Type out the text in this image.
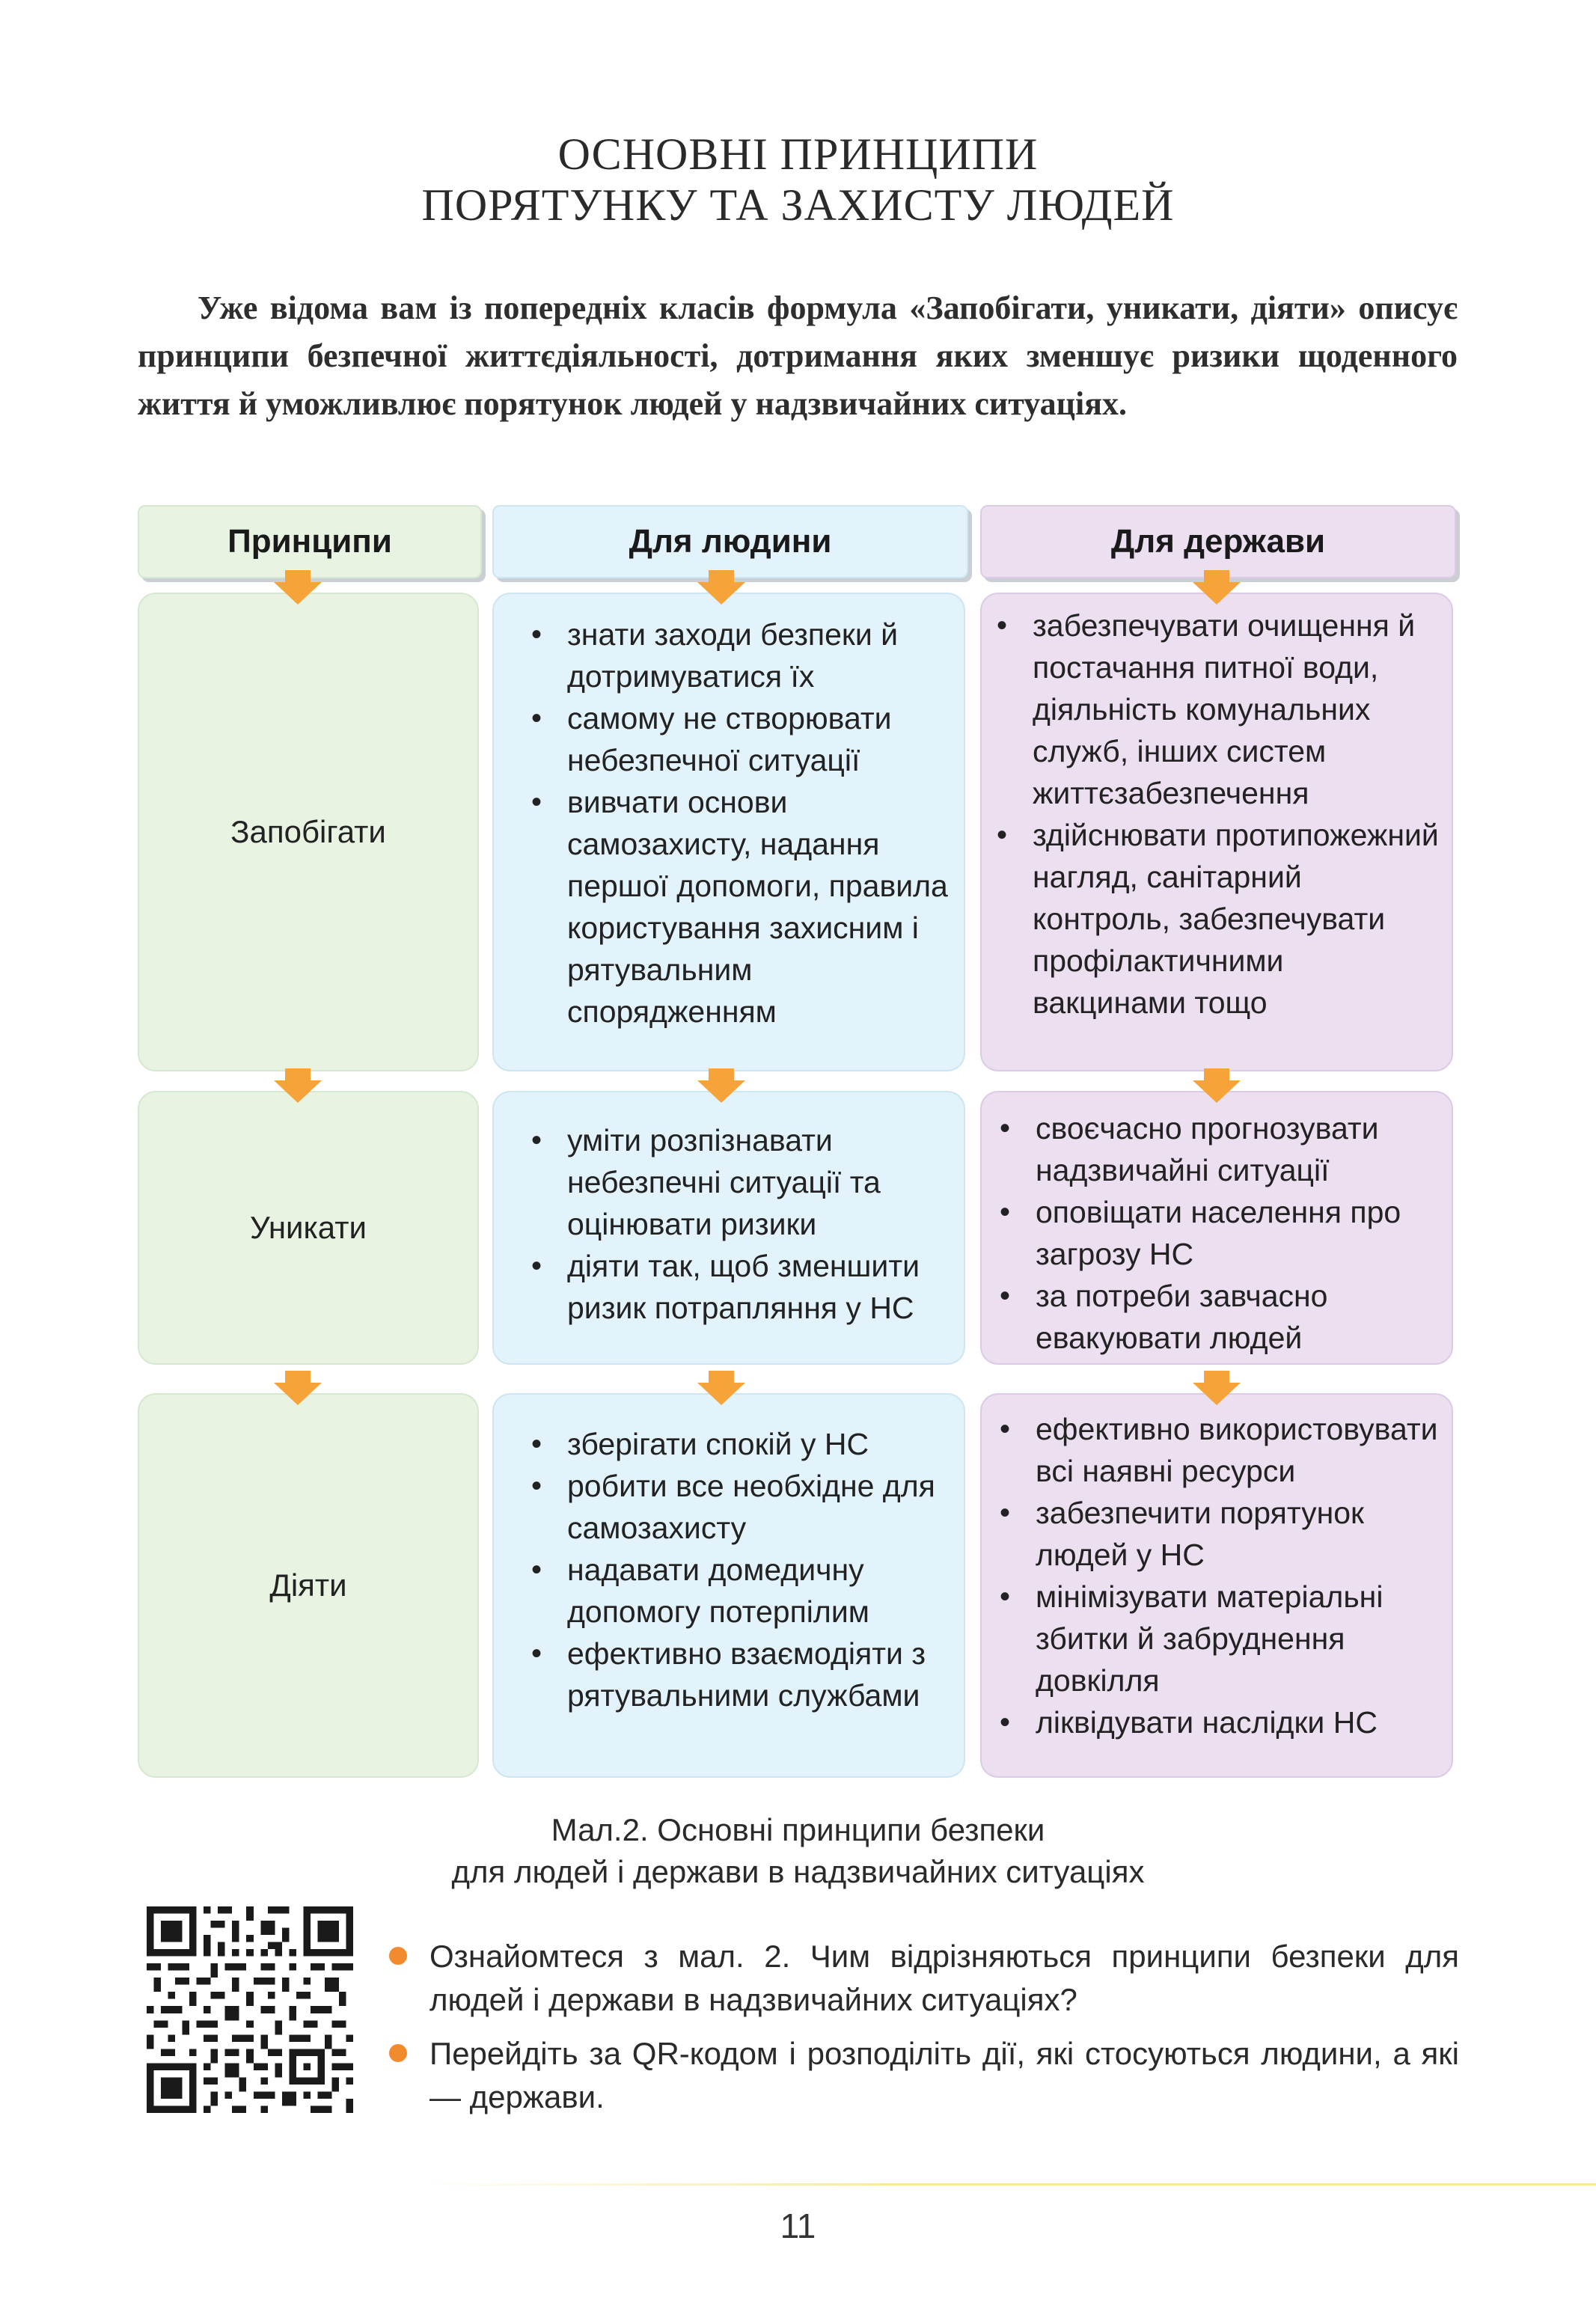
ОСНОВНІ ПРИНЦИПИ
ПОРЯТУНКУ ТА ЗАХИСТУ ЛЮДЕЙ
Уже відома вам із попередніх класів формула «Запобігати, уникати, діяти» описує принципи безпечної життєдіяльності, дотримання яких зменшує ризики щоденного життя й уможливлює порятунок людей у надзвичайних ситуаціях.
Принципи	Для людини	Для держави
Запобігати
• знати заходи безпеки й дотримуватися їх
• самому не створювати небезпечної ситуації
• вивчати основи самозахисту, надання першої допомоги, правила користування захисним і рятувальним спорядженням
• забезпечувати очищення й постачання питної води, діяльність комунальних служб, інших систем життєзабезпечення
• здійснювати протипожежний нагляд, санітарний контроль, забезпечувати профілактичними вакцинами тощо
Уникати
• уміти розпізнавати небезпечні ситуації та оцінювати ризики
• діяти так, щоб зменшити ризик потрапляння у НС
• своєчасно прогнозувати надзвичайні ситуації
• оповіщати населення про загрозу НС
• за потреби завчасно евакуювати людей
Діяти
• зберігати спокій у НС
• робити все необхідне для самозахисту
• надавати домедичну допомогу потерпілим
• ефективно взаємодіяти з рятувальними службами
• ефективно використовувати всі наявні ресурси
• забезпечити порятунок людей у НС
• мінімізувати матеріальні збитки й забруднення довкілля
• ліквідувати наслідки НС
Мал.2. Основні принципи безпеки
для людей і держави в надзвичайних ситуаціях
Ознайомтеся з мал. 2. Чим відрізняються принципи безпеки для людей і держави в надзвичайних ситуаціях?
Перейдіть за QR-кодом і розподіліть дії, які стосуються людини, а які — держави.
11
